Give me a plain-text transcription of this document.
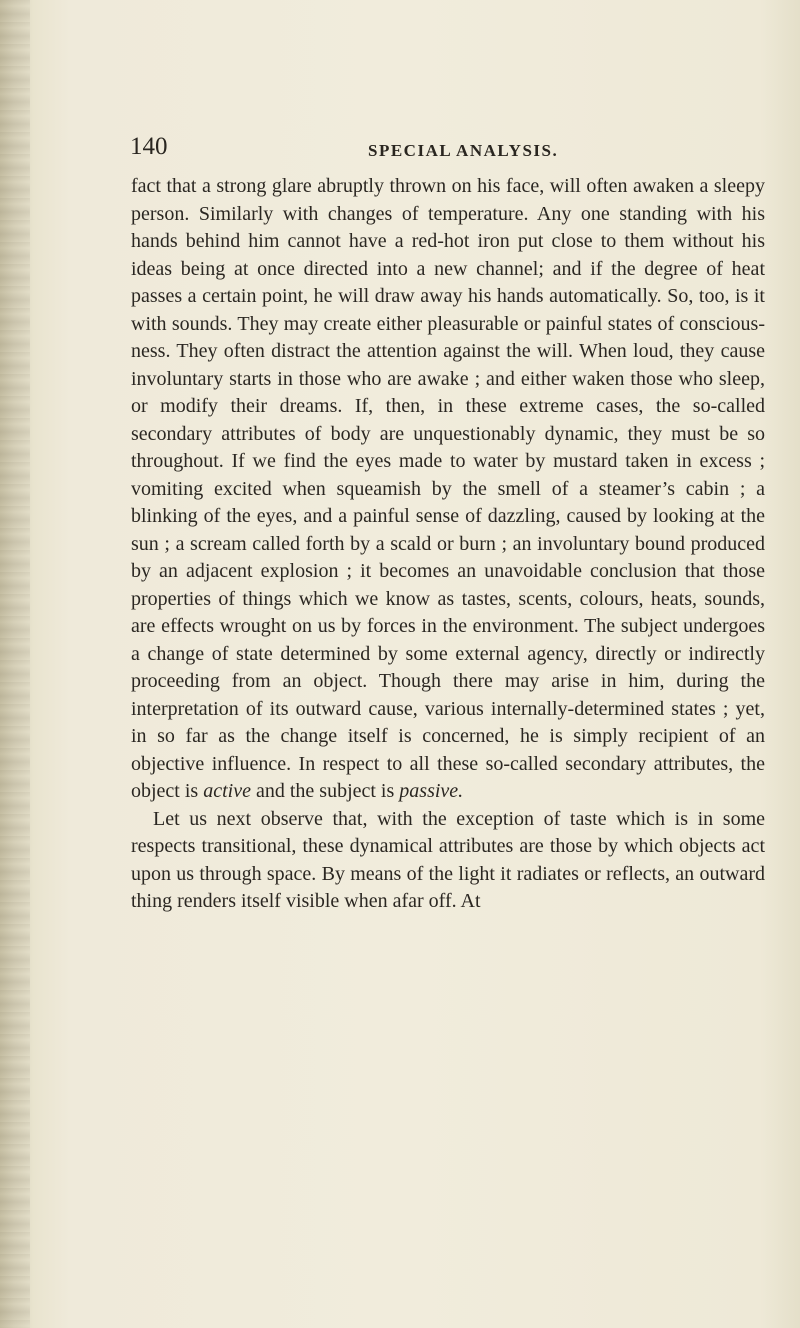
140	SPECIAL ANALYSIS.

fact that a strong glare abruptly thrown on his face, will often awaken a sleepy person. Similarly with changes of temperature. Any one standing with his hands behind him cannot have a red-hot iron put close to them without his ideas being at once directed into a new channel; and if the degree of heat passes a certain point, he will draw away his hands automatically. So, too, is it with sounds. They may create either pleasurable or painful states of consciousness. They often distract the attention against the will. When loud, they cause involuntary starts in those who are awake ; and either waken those who sleep, or modify their dreams. If, then, in these extreme cases, the so-called secondary attributes of body are unquestionably dynamic, they must be so throughout. If we find the eyes made to water by mustard taken in excess ; vomiting excited when squeamish by the smell of a steamer’s cabin ; a blinking of the eyes, and a painful sense of dazzling, caused by looking at the sun ; a scream called forth by a scald or burn ; an involuntary bound produced by an adjacent explosion ; it becomes an unavoidable conclusion that those properties of things which we know as tastes, scents, colours, heats, sounds, are effects wrought on us by forces in the environment. The subject undergoes a change of state determined by some external agency, directly or indirectly proceeding from an object. Though there may arise in him, during the interpretation of its outward cause, various internally-determined states ; yet, in so far as the change itself is concerned, he is simply recipient of an objective influence. In respect to all these so-called secondary attributes, the object is active and the subject is passive.

Let us next observe that, with the exception of taste which is in some respects transitional, these dynamical attributes are those by which objects act upon us through space. By means of the light it radiates or reflects, an outward thing renders itself visible when afar off. At
